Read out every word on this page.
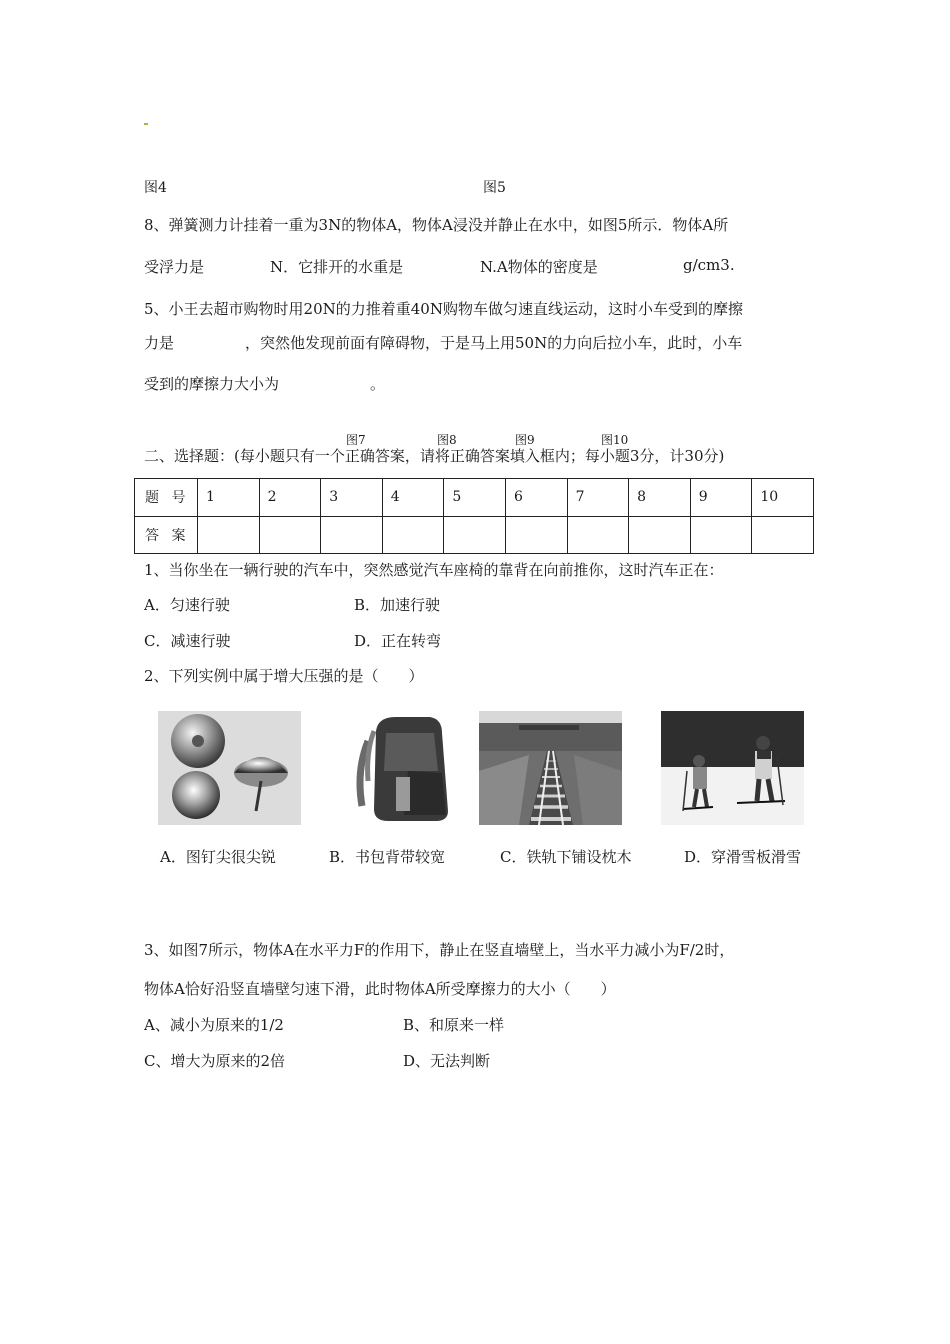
图4	图5
8、弹簧测力计挂着一重为3N的物体A，物体A浸没并静止在水中，如图5所示．物体A所
受浮力是	N．它排开的水重是	N.A物体的密度是	g/cm3.
5、小王去超市购物时用20N的力推着重40N购物车做匀速直线运动，这时小车受到的摩擦
力是	，突然他发现前面有障碍物，于是马上用50N的力向后拉小车，此时，小车
受到的摩擦力大小为	。
图7	图8	图9	图10
二、选择题：(每小题只有一个正确答案，请将正确答案填入框内；每小题3分，计30分)
题 号	1	2	3	4	5	6	7	8	9	10
答 案										
1、当你坐在一辆行驶的汽车中，突然感觉汽车座椅的靠背在向前推你，这时汽车正在：
A．匀速行驶	B．加速行驶
C．减速行驶	D．正在转弯
2、下列实例中属于增大压强的是（　　）
A．图钉尖很尖锐	B．书包背带较宽	C．铁轨下铺设枕木	D．穿滑雪板滑雪
3、如图7所示，物体A在水平力F的作用下，静止在竖直墙壁上，当水平力减小为F/2时，
物体A恰好沿竖直墙壁匀速下滑，此时物体A所受摩擦力的大小（　　）
A、减小为原来的1/2	B、和原来一样
C、增大为原来的2倍	D、无法判断
